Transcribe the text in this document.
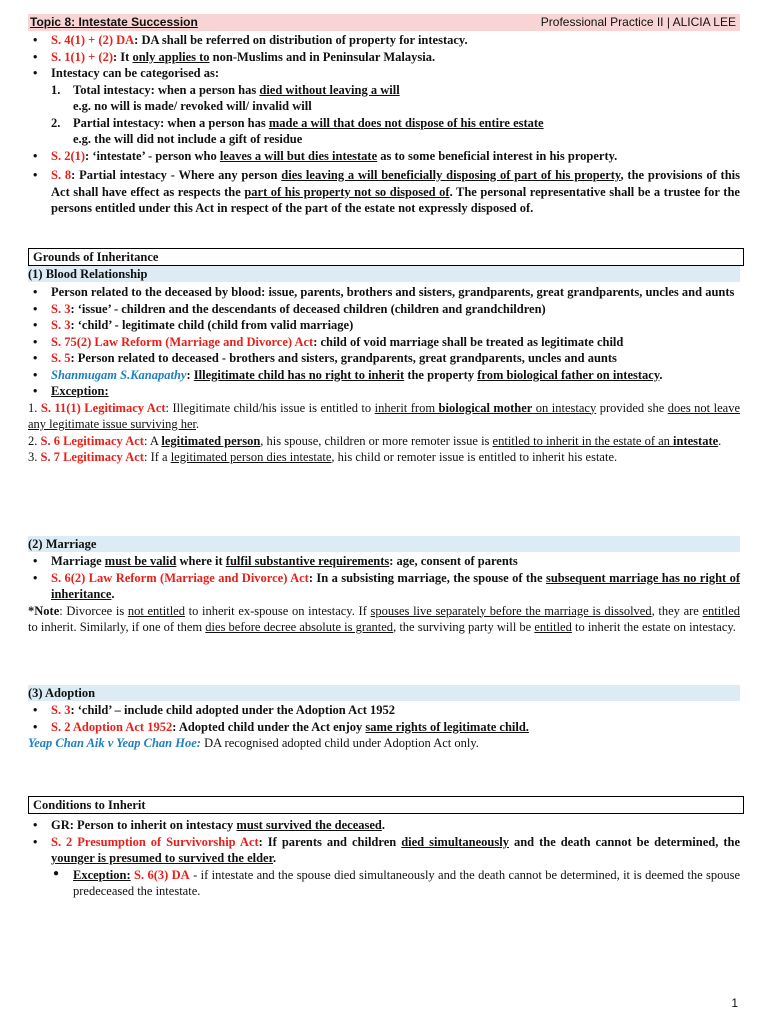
Topic 8: Intestate Succession	Professional Practice II | ALICIA LEE
• S. 4(1) + (2) DA: DA shall be referred on distribution of property for intestacy.
• S. 1(1) + (2): It only applies to non-Muslims and in Peninsular Malaysia.
• Intestacy can be categorised as:
1. Total intestacy: when a person has died without leaving a will
e.g. no will is made/ revoked will/ invalid will
2. Partial intestacy: when a person has made a will that does not dispose of his entire estate
e.g. the will did not include a gift of residue
• S. 2(1): ‘intestate’ - person who leaves a will but dies intestate as to some beneficial interest in his property.
• S. 8: Partial intestacy - Where any person dies leaving a will beneficially disposing of part of his property, the provisions of this Act shall have effect as respects the part of his property not so disposed of. The personal representative shall be a trustee for the persons entitled under this Act in respect of the part of the estate not expressly disposed of.
Grounds of Inheritance
(1) Blood Relationship
• Person related to the deceased by blood: issue, parents, brothers and sisters, grandparents, great grandparents, uncles and aunts
• S. 3: ‘issue’ - children and the descendants of deceased children (children and grandchildren)
• S. 3: ‘child’ - legitimate child (child from valid marriage)
• S. 75(2) Law Reform (Marriage and Divorce) Act: child of void marriage shall be treated as legitimate child
• S. 5: Person related to deceased - brothers and sisters, grandparents, great grandparents, uncles and aunts
• Shanmugam S.Kanapathy: Illegitimate child has no right to inherit the property from biological father on intestacy.
• Exception:
1. S. 11(1) Legitimacy Act: Illegitimate child/his issue is entitled to inherit from biological mother on intestacy provided she does not leave any legitimate issue surviving her.
2. S. 6 Legitimacy Act: A legitimated person, his spouse, children or more remoter issue is entitled to inherit in the estate of an intestate.
3. S. 7 Legitimacy Act: If a legitimated person dies intestate, his child or remoter issue is entitled to inherit his estate.
(2) Marriage
• Marriage must be valid where it fulfil substantive requirements: age, consent of parents
• S. 6(2) Law Reform (Marriage and Divorce) Act: In a subsisting marriage, the spouse of the subsequent marriage has no right of inheritance.
*Note: Divorcee is not entitled to inherit ex-spouse on intestacy. If spouses live separately before the marriage is dissolved, they are entitled to inherit. Similarly, if one of them dies before decree absolute is granted, the surviving party will be entitled to inherit the estate on intestacy.
(3) Adoption
• S. 3: ‘child’ – include child adopted under the Adoption Act 1952
• S. 2 Adoption Act 1952: Adopted child under the Act enjoy same rights of legitimate child.
Yeap Chan Aik v Yeap Chan Hoe: DA recognised adopted child under Adoption Act only.
Conditions to Inherit
• GR: Person to inherit on intestacy must survived the deceased.
• S. 2 Presumption of Survivorship Act: If parents and children died simultaneously and the death cannot be determined, the younger is presumed to survived the elder.
● Exception: S. 6(3) DA - if intestate and the spouse died simultaneously and the death cannot be determined, it is deemed the spouse predeceased the intestate.
1
